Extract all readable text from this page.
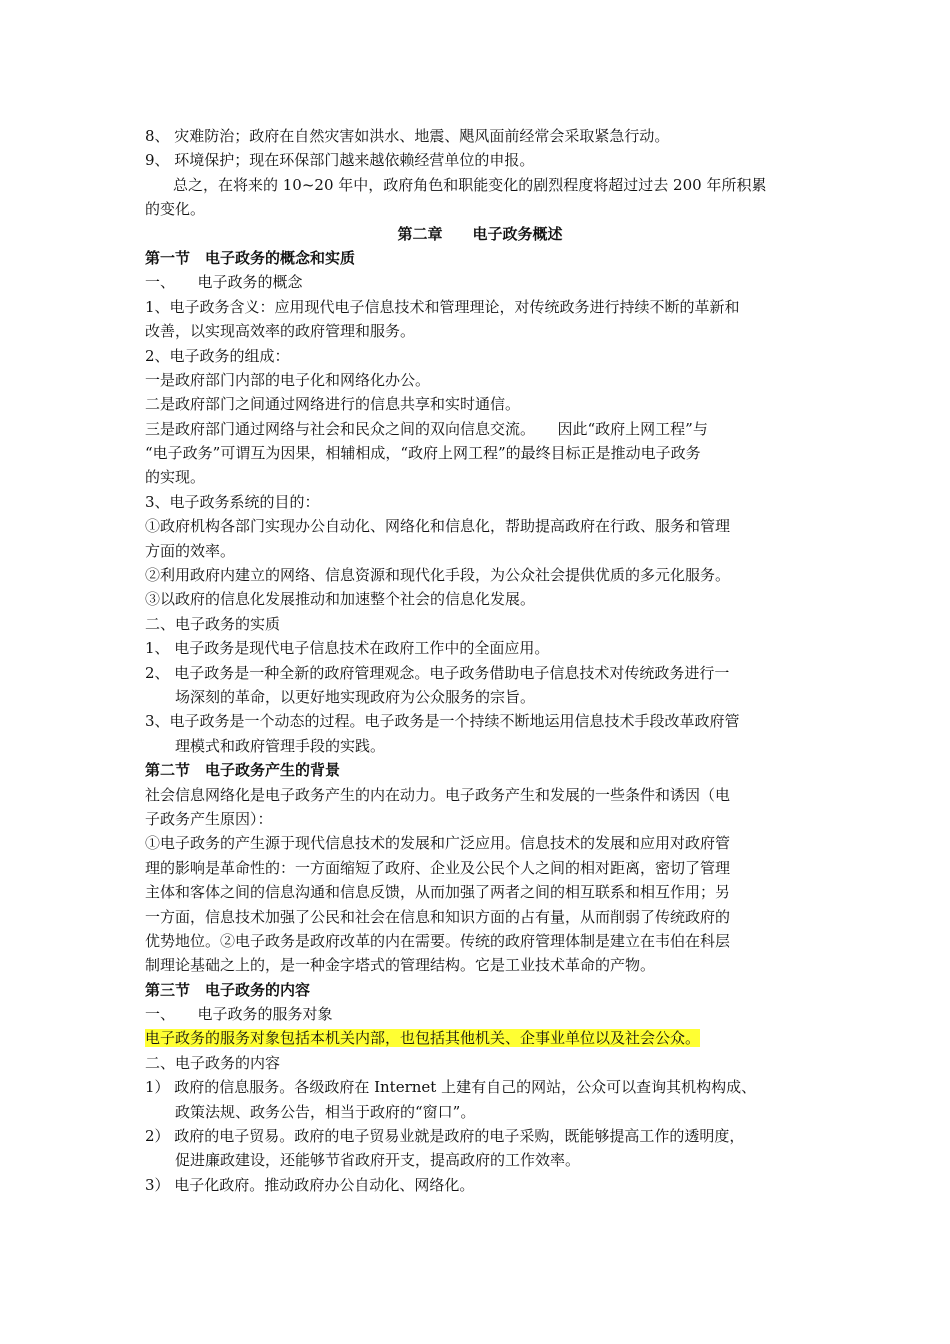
8、 灾难防治；政府在自然灾害如洪水、地震、飓风面前经常会采取紧急行动。
9、 环境保护；现在环保部门越来越依赖经营单位的申报。
总之，在将来的 10~20 年中，政府角色和职能变化的剧烈程度将超过过去 200 年所积累
的变化。
第二章　　电子政务概述
第一节　电子政务的概念和实质
一、　　电子政务的概念
1、电子政务含义：应用现代电子信息技术和管理理论，对传统政务进行持续不断的革新和
改善，以实现高效率的政府管理和服务。
2、电子政务的组成：
一是政府部门内部的电子化和网络化办公。
二是政府部门之间通过网络进行的信息共享和实时通信。
三是政府部门通过网络与社会和民众之间的双向信息交流。　　因此“政府上网工程”与
“电子政务”可谓互为因果，相辅相成，“政府上网工程”的最终目标正是推动电子政务
的实现。
3、电子政务系统的目的：
①政府机构各部门实现办公自动化、网络化和信息化，帮助提高政府在行政、服务和管理
方面的效率。
②利用政府内建立的网络、信息资源和现代化手段，为公众社会提供优质的多元化服务。
③以政府的信息化发展推动和加速整个社会的信息化发展。
二、电子政务的实质
1、 电子政务是现代电子信息技术在政府工作中的全面应用。
2、 电子政务是一种全新的政府管理观念。电子政务借助电子信息技术对传统政务进行一
场深刻的革命，以更好地实现政府为公众服务的宗旨。
3、电子政务是一个动态的过程。电子政务是一个持续不断地运用信息技术手段改革政府管
理模式和政府管理手段的实践。
第二节　电子政务产生的背景
社会信息网络化是电子政务产生的内在动力。电子政务产生和发展的一些条件和诱因（电
子政务产生原因）：
①电子政务的产生源于现代信息技术的发展和广泛应用。信息技术的发展和应用对政府管
理的影响是革命性的：一方面缩短了政府、企业及公民个人之间的相对距离，密切了管理
主体和客体之间的信息沟通和信息反馈，从而加强了两者之间的相互联系和相互作用；另
一方面，信息技术加强了公民和社会在信息和知识方面的占有量，从而削弱了传统政府的
优势地位。②电子政务是政府改革的内在需要。传统的政府管理体制是建立在韦伯在科层
制理论基础之上的，是一种金字塔式的管理结构。它是工业技术革命的产物。
第三节　电子政务的内容
一、　　电子政务的服务对象
电子政务的服务对象包括本机关内部，也包括其他机关、企事业单位以及社会公众。
二、电子政务的内容
1） 政府的信息服务。各级政府在 Internet 上建有自己的网站，公众可以查询其机构构成、
政策法规、政务公告，相当于政府的“窗口”。
2） 政府的电子贸易。政府的电子贸易业就是政府的电子采购，既能够提高工作的透明度，
促进廉政建设，还能够节省政府开支，提高政府的工作效率。
3） 电子化政府。推动政府办公自动化、网络化。
